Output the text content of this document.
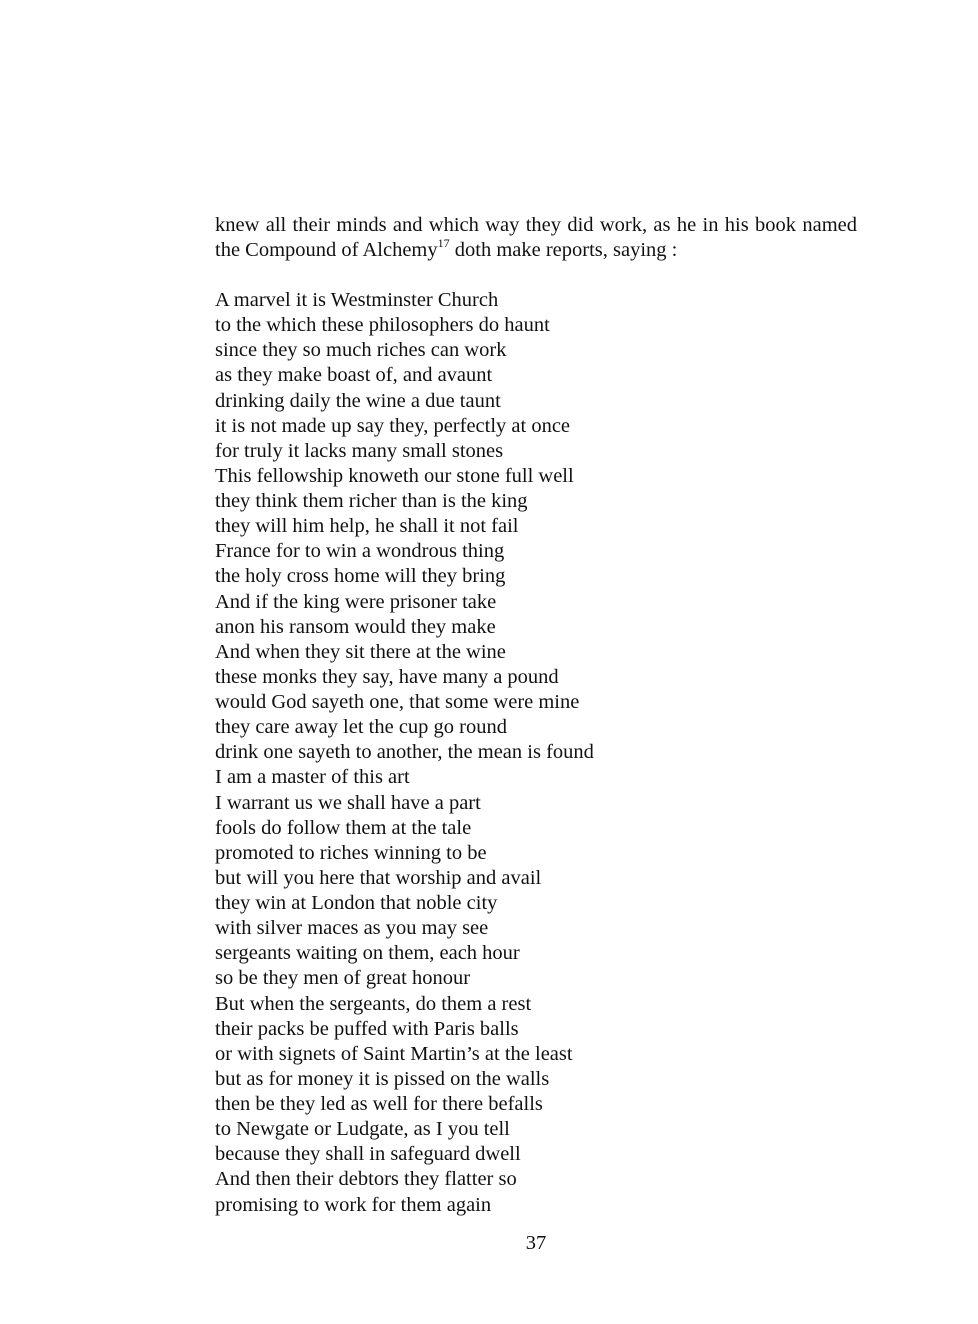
knew all their minds and which way they did work, as he in his book named the Compound of Alchemy$^{17}$ doth make reports, saying :

A marvel it is Westminster Church
to the which these philosophers do haunt
since they so much riches can work
as they make boast of, and avaunt
drinking daily the wine a due taunt
it is not made up say they, perfectly at once
for truly it lacks many small stones
This fellowship knoweth our stone full well
they think them richer than is the king
they will him help, he shall it not fail
France for to win a wondrous thing
the holy cross home will they bring
And if the king were prisoner take
anon his ransom would they make
And when they sit there at the wine
these monks they say, have many a pound
would God sayeth one, that some were mine
they care away let the cup go round
drink one sayeth to another, the mean is found
I am a master of this art
I warrant us we shall have a part
fools do follow them at the tale
promoted to riches winning to be
but will you here that worship and avail
they win at London that noble city
with silver maces as you may see
sergeants waiting on them, each hour
so be they men of great honour
But when the sergeants, do them a rest
their packs be puffed with Paris balls
or with signets of Saint Martin’s at the least
but as for money it is pissed on the walls
then be they led as well for there befalls
to Newgate or Ludgate, as I you tell
because they shall in safeguard dwell
And then their debtors they flatter so
promising to work for them again
37
